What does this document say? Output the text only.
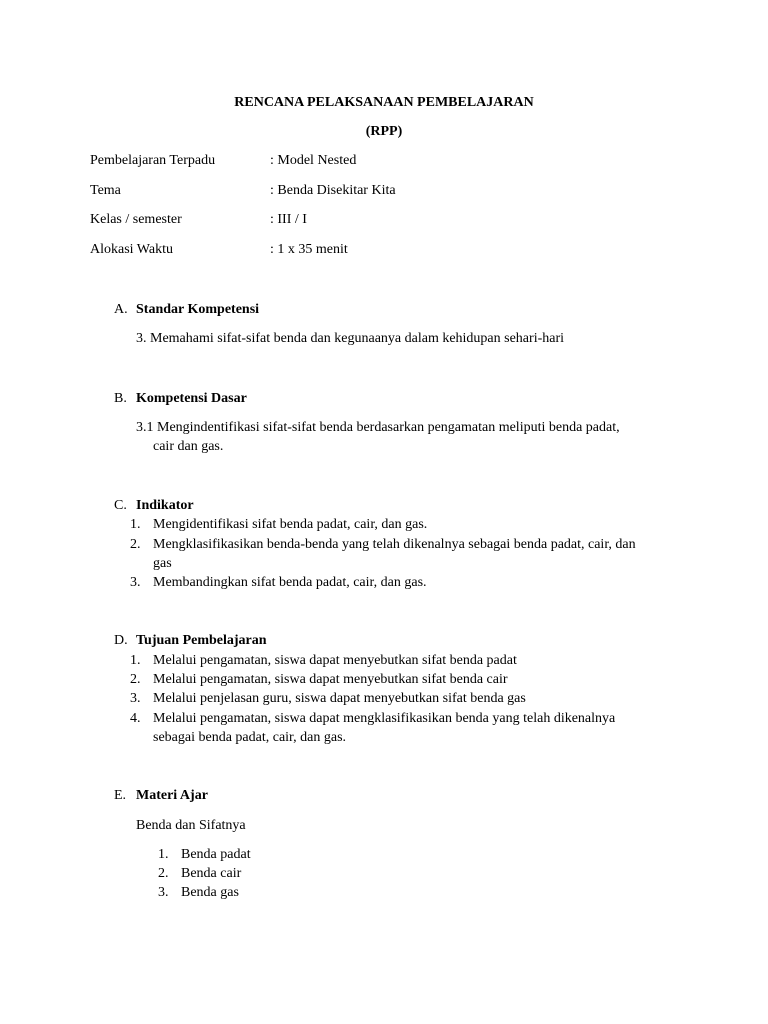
RENCANA PELAKSANAAN PEMBELAJARAN
(RPP)
Pembelajaran Terpadu	: Model Nested
Tema	: Benda Disekitar Kita
Kelas / semester	: III / I
Alokasi Waktu	: 1 x 35 menit
A. Standar Kompetensi
3. Memahami sifat-sifat benda dan kegunaanya dalam kehidupan sehari-hari
B. Kompetensi Dasar
3.1 Mengindentifikasi sifat-sifat benda berdasarkan pengamatan meliputi benda padat,
cair dan gas.
C. Indikator
1. Mengidentifikasi sifat benda padat, cair, dan gas.
2. Mengklasifikasikan benda-benda yang telah dikenalnya sebagai benda padat, cair, dan
gas
3. Membandingkan sifat benda padat, cair, dan gas.
D. Tujuan Pembelajaran
1. Melalui pengamatan, siswa dapat menyebutkan sifat benda padat
2. Melalui pengamatan, siswa dapat menyebutkan sifat benda cair
3. Melalui penjelasan guru, siswa dapat menyebutkan sifat benda gas
4. Melalui pengamatan, siswa dapat mengklasifikasikan benda yang telah dikenalnya
sebagai benda padat, cair, dan gas.
E. Materi Ajar
Benda dan Sifatnya
1. Benda padat
2. Benda cair
3. Benda gas
